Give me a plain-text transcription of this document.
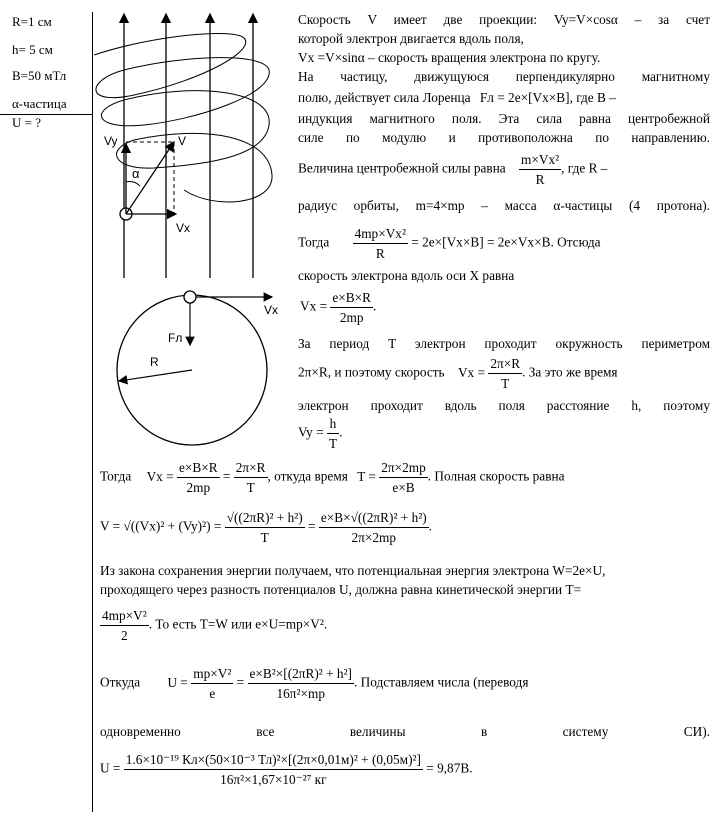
R=1 см
h= 5 см
B=50 мТл
α-частица
U = ?
Vy	V
α
Vx
Vx
Fл
R
Скорость V имеет две проекции: Vy=V×cosα – за счет
которой электрон двигается вдоль поля,
Vx =V×sinα – скорость вращения электрона по кругу.
На частицу, движущуюся перпендикулярно магнитному
полю, действует сила Лоренца Fл = 2e×[Vx×B], где B –
индукция магнитного поля. Эта сила равна центробежной
силе по модулю и противоположна по направлению.
Величина центробежной силы равна $\frac{\text{m×Vx²}}{R}$ , где R –
радиус орбиты, m=4×mp – масса α-частицы (4 протона).
Тогда $\frac{\text{4mp×Vx²}}{R} = 2e\times[Vx\times B] = 2e\times Vx\times B$. Отсюда
скорость электрона вдоль оси X равна
$Vx = \frac{e\times B\times R}{2mp}$ .
За период T электрон проходит окружность периметром
2π×R, и поэтому скорость $Vx = \frac{2\pi\times R}{T}$ . За это же время
электрон проходит вдоль поля расстояние h, поэтому
$Vy = \frac{h}{T}$ .
Тогда $Vx = \frac{e\times B\times R}{2mp} = \frac{2\pi\times R}{T}$ , откуда время $T = \frac{2\pi\times 2mp}{e\times B}$ . Полная скорость равна
$V = √((Vx)^2 + (Vy)^2) = \frac{\text{√((2πR)² + h²)}}{T} = \frac{\text{e×B×√((2πR)² + h²)}}{2\pi\times 2mp}$ .
Из закона сохранения энергии получаем, что потенциальная энергия электрона W=2e×U,
проходящего через разность потенциалов U, должна равна кинетической энергии T=
$\frac{\text{4mp×V²}}{2}$ . То есть T=W или e×U=mp×V².
Откуда $U = \frac{\text{mp×V²}}{e} = \frac{\text{e×B²×[(2πR)² + h²]}}{\text{16π²×mp}}$ . Подставляем числа (переводя
одновременно все величины в систему СИ).
$U = \frac{\text{1.6×10⁻¹⁹ Кл×(50×10⁻³ Тл)²×[(2π×0,01м)² + (0,05м)²]}}{\text{16π²×1,67×10⁻²⁷ кг}} = 9,87В$.
